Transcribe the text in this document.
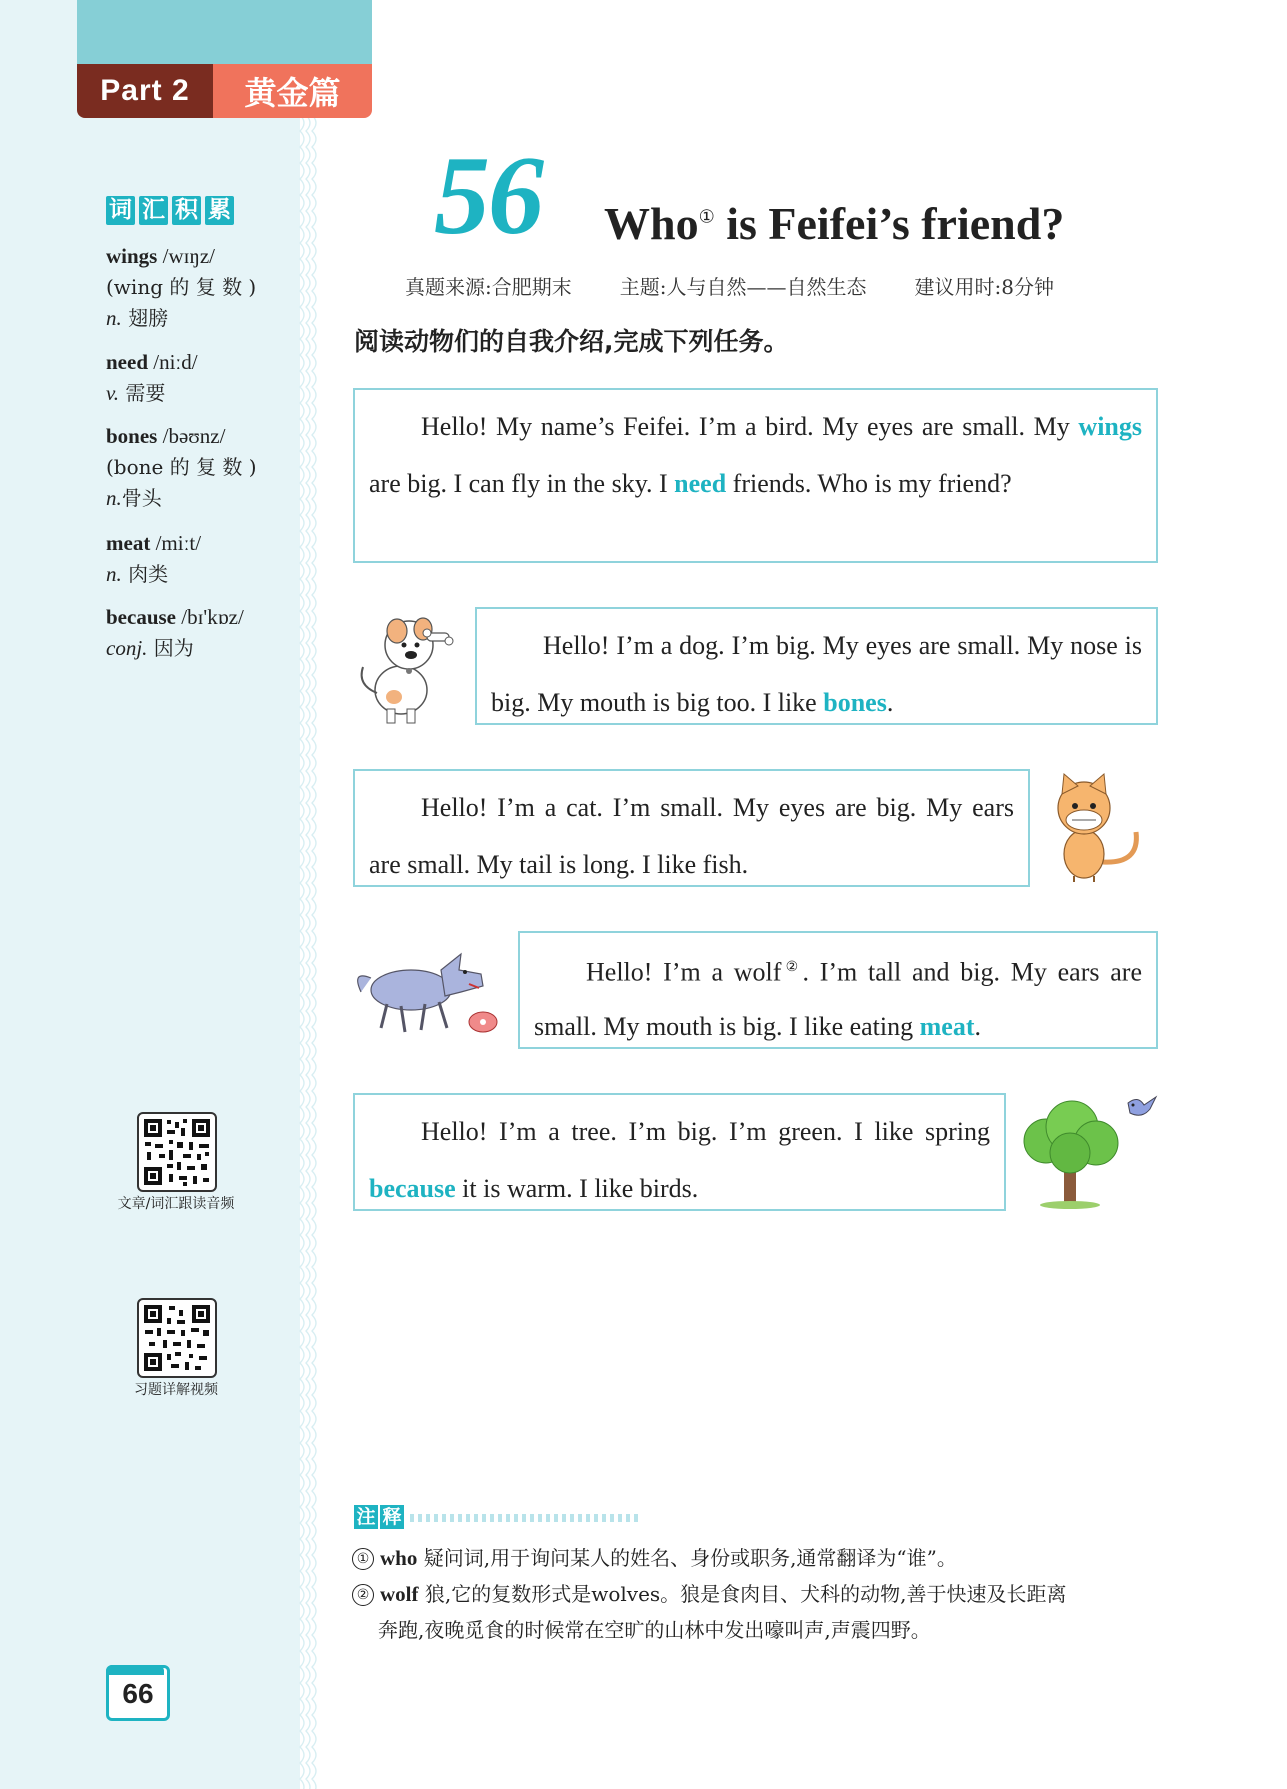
Part 2	黄金篇
词 汇 积 累
wings /wɪŋz/
(wing 的 复 数 )
n. 翅膀
need /niːd/
v. 需要
bones /bəʊnz/
(bone 的 复 数 )
n.骨头
meat /miːt/
n. 肉类
because /bɪ'kɒz/
conj. 因为
文章/词汇跟读音频
习题详解视频
66
56 Who① is Feifei’s friend?
真题来源:合肥期末 主题:人与自然——自然生态 建议用时:8分钟
阅读动物们的自我介绍,完成下列任务。

Hello! My name’s Feifei. I’m a bird. My eyes are small. My wings are big. I can fly in the sky. I need friends. Who is my friend?

Hello! I’m a dog. I’m big. My eyes are small. My nose is big. My mouth is big too. I like bones.

Hello! I’m a cat. I’m small. My eyes are big. My ears are small. My tail is long. I like fish.

Hello! I’m a wolf②. I’m tall and big. My ears are small. My mouth is big. I like eating meat.

Hello! I’m a tree. I’m big. I’m green. I like spring because it is warm. I like birds.

注 释
① who 疑问词,用于询问某人的姓名、身份或职务,通常翻译为“谁”。
② wolf 狼,它的复数形式是wolves。狼是食肉目、犬科的动物,善于快速及长距离
奔跑,夜晚觅食的时候常在空旷的山林中发出嚎叫声,声震四野。
